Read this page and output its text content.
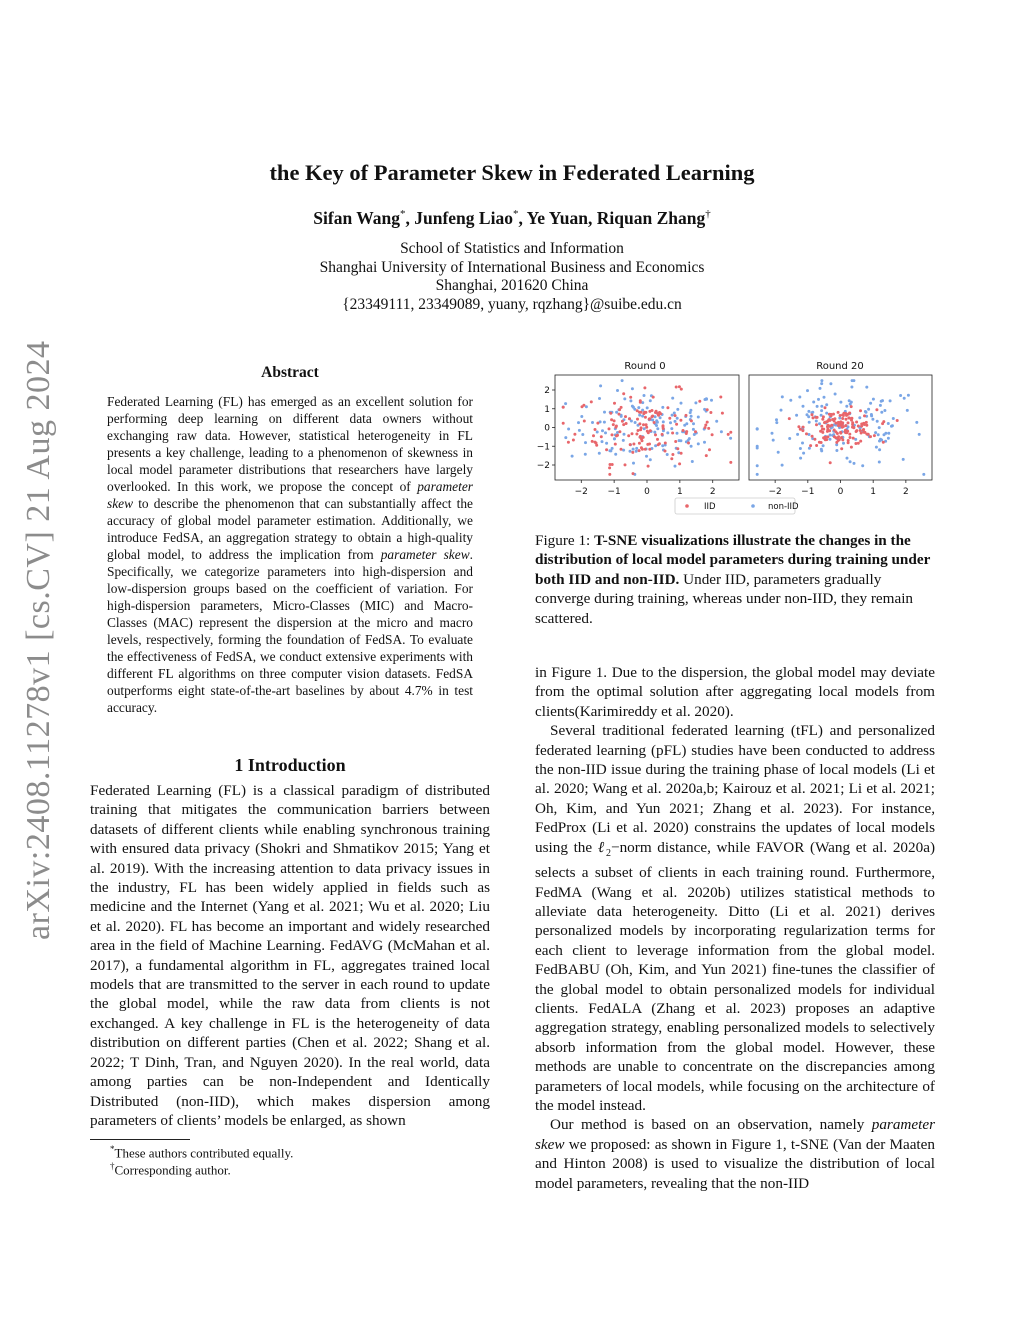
arXiv:2408.11278v1 [cs.CV] 21 Aug 2024
the Key of Parameter Skew in Federated Learning
Sifan Wang*, Junfeng Liao*, Ye Yuan, Riquan Zhang†
School of Statistics and Information
Shanghai University of International Business and Economics
Shanghai, 201620 China
{23349111, 23349089, yuany, rqzhang}@suibe.edu.cn
Abstract
Federated Learning (FL) has emerged as an excellent solution for performing deep learning on different data owners without exchanging raw data. However, statistical heterogeneity in FL presents a key challenge, leading to a phenomenon of skewness in local model parameter distributions that researchers have largely overlooked. In this work, we propose the concept of parameter skew to describe the phenomenon that can substantially affect the accuracy of global model parameter estimation. Additionally, we introduce FedSA, an aggregation strategy to obtain a high-quality global model, to address the implication from parameter skew. Specifically, we categorize parameters into high-dispersion and low-dispersion groups based on the coefficient of variation. For high-dispersion parameters, Micro-Classes (MIC) and Macro-Classes (MAC) represent the dispersion at the micro and macro levels, respectively, forming the foundation of FedSA. To evaluate the effectiveness of FedSA, we conduct extensive experiments with different FL algorithms on three computer vision datasets. FedSA outperforms eight state-of-the-art baselines by about 4.7% in test accuracy.
1 Introduction
Federated Learning (FL) is a classical paradigm of distributed training that mitigates the communication barriers between datasets of different clients while enabling synchronous training with ensured data privacy (Shokri and Shmatikov 2015; Yang et al. 2019). With the increasing attention to data privacy issues in the industry, FL has been widely applied in fields such as medicine and the Internet (Yang et al. 2021; Wu et al. 2020; Liu et al. 2020). FL has become an important and widely researched area in the field of Machine Learning. FedAVG (McMahan et al. 2017), a fundamental algorithm in FL, aggregates trained local models that are transmitted to the server in each round to update the global model, while the raw data from clients is not exchanged. A key challenge in FL is the heterogeneity of data distribution on different parties (Chen et al. 2022; Shang et al. 2022; T Dinh, Tran, and Nguyen 2020). In the real world, data among parties can be non-Independent and Identically Distributed (non-IID), which makes dispersion among parameters of clients’ models be enlarged, as shown
*These authors contributed equally.
†Corresponding author.
Round 0	Round 20
−2 −1	0	1	2
2
1
0
−1
−2
−2 −1	0	1	2
IID	non-IID
Figure 1: T-SNE visualizations illustrate the changes in the distribution of local model parameters during training under both IID and non-IID. Under IID, parameters gradually converge during training, whereas under non-IID, they remain scattered.

in Figure 1. Due to the dispersion, the global model may deviate from the optimal solution after aggregating local models from clients(Karimireddy et al. 2020).

Several traditional federated learning (tFL) and personalized federated learning (pFL) studies have been conducted to address the non-IID issue during the training phase of local models (Li et al. 2020; Wang et al. 2020a,b; Kairouz et al. 2021; Li et al. 2021; Oh, Kim, and Yun 2021; Zhang et al. 2023). For instance, FedProx (Li et al. 2020) constrains the updates of local models using the ℓ$_2$−norm distance, while FAVOR (Wang et al. 2020a) selects a subset of clients in each training round. Furthermore, FedMA (Wang et al. 2020b) utilizes statistical methods to alleviate data heterogeneity. Ditto (Li et al. 2021) derives personalized models by incorporating regularization terms for each client to leverage information from the global model. FedBABU (Oh, Kim, and Yun 2021) fine-tunes the classifier of the global model to obtain personalized models for individual clients. FedALA (Zhang et al. 2023) proposes an adaptive aggregation strategy, enabling personalized models to selectively absorb information from the global model. However, these methods are unable to concentrate on the discrepancies among parameters of local models, while focusing on the architecture of the model instead.

Our method is based on an observation, namely parameter skew we proposed: as shown in Figure 1, t-SNE (Van der Maaten and Hinton 2008) is used to visualize the distribution of local model parameters, revealing that the non-IID
